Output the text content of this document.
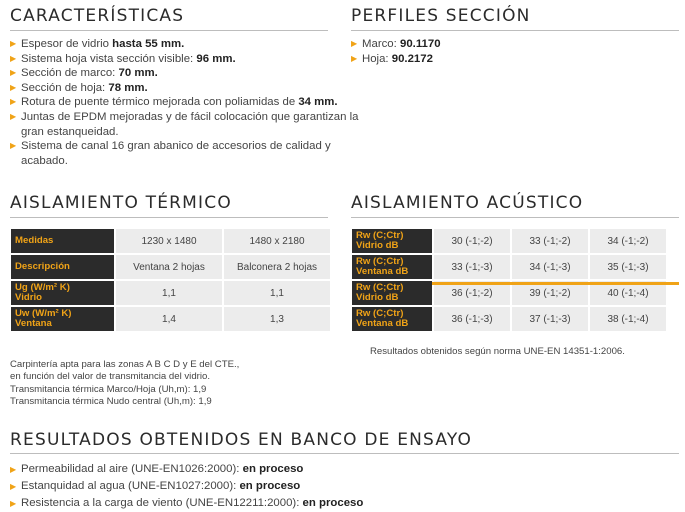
CARACTERÍSTICAS
▶ Espesor de vidrio hasta 55 mm.
▶ Sistema hoja vista sección visible: 96 mm.
▶ Sección de marco: 70 mm.
▶ Sección de hoja: 78 mm.
▶ Rotura de puente térmico mejorada con poliamidas de 34 mm.
▶ Juntas de EPDM mejoradas y de fácil colocación que garantizan la gran estanqueidad.
▶ Sistema de canal 16 gran abanico de accesorios de calidad y acabado.
PERFILES SECCIÓN
▶ Marco: 90.1170
▶ Hoja: 90.2172
AISLAMIENTO TÉRMICO
Medidas	1230 x 1480	1480 x 2180
Descripción	Ventana 2 hojas	Balconera 2 hojas
Ug (W/m² K)
Vidrio	1,1	1,1
Uw (W/m² K)
Ventana	1,4	1,3
Carpintería apta para las zonas A B C D y E del CTE.,
en función del valor de transmitancia del vidrio.
Transmitancia térmica Marco/Hoja (Uh,m): 1,9
Transmitancia térmica Nudo central (Uh,m): 1,9
AISLAMIENTO ACÚSTICO
Rw (C;Ctr)
Vidrio dB	30 (-1;-2)	33 (-1;-2)	34 (-1;-2)
Rw (C;Ctr)
Ventana dB	33 (-1;-3)	34 (-1;-3)	35 (-1;-3)
Rw (C;Ctr)
Vidrio dB	36 (-1;-2)	39 (-1;-2)	40 (-1;-4)
Rw (C;Ctr)
Ventana dB	36 (-1;-3)	37 (-1;-3)	38 (-1;-4)
Resultados obtenidos según norma UNE-EN 14351-1:2006.
RESULTADOS OBTENIDOS EN BANCO DE ENSAYO
▶ Permeabilidad al aire (UNE-EN1026:2000): en proceso
▶ Estanquidad al agua (UNE-EN1027:2000): en proceso
▶ Resistencia a la carga de viento (UNE-EN12211:2000): en proceso
